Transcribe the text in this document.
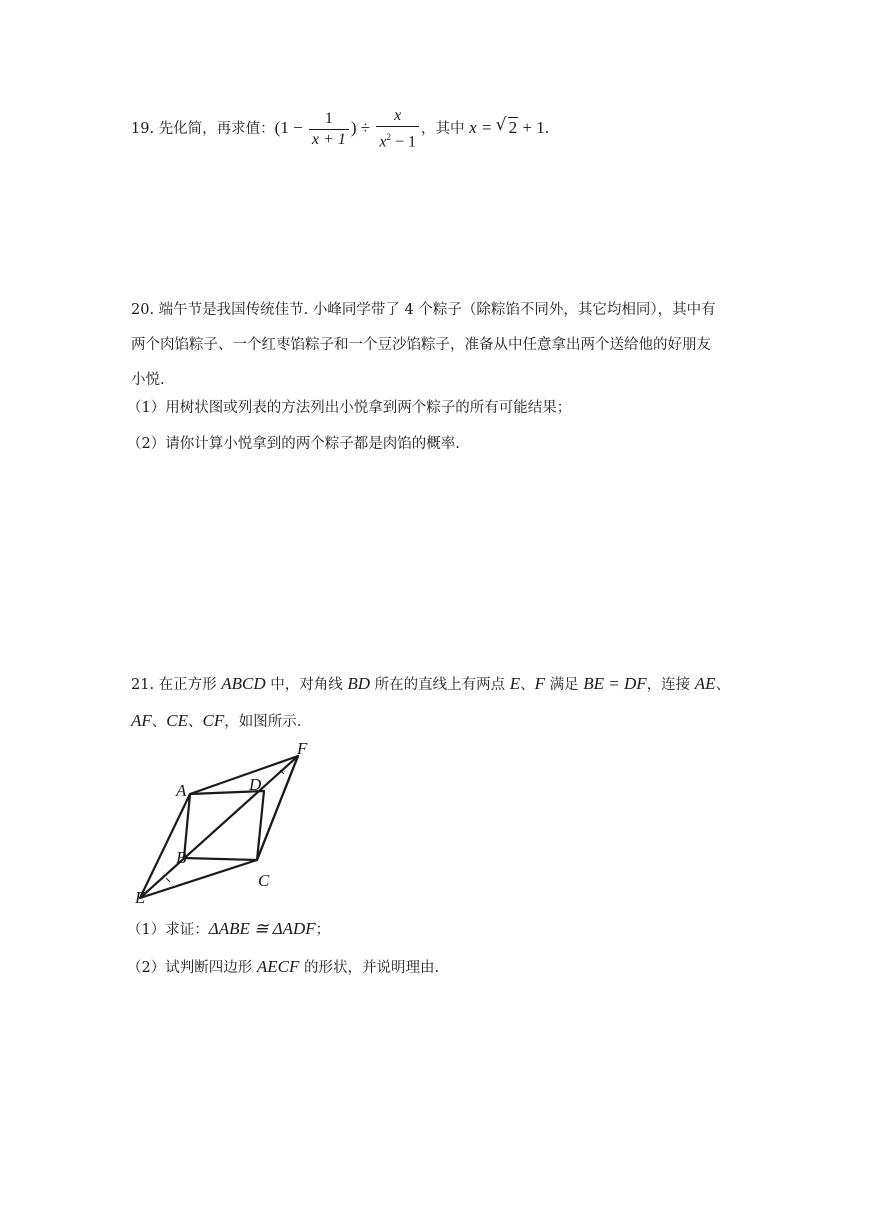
19. 先化简，再求值：($1 - \frac{1}{x + 1}$ ) ÷ $\frac{x}{x^2 - 1}$ ，其中 x = √ 2 + 1.
20. 端午节是我国传统佳节. 小峰同学带了 4 个粽子（除粽馅不同外，其它均相同），其中有
两个肉馅粽子、一个红枣馅粽子和一个豆沙馅粽子，准备从中任意拿出两个送给他的好朋友
小悦.
（1）用树状图或列表的方法列出小悦拿到两个粽子的所有可能结果；
（2）请你计算小悦拿到的两个粽子都是肉馅的概率.
21. 在正方形 ABCD 中，对角线 BD 所在的直线上有两点 E、F 满足 BE = DF，连接 AE、
AF、CE、CF，如图所示.
A	D
F
B
C
E
（1）求证：ΔABE ≅ ΔADF；
（2）试判断四边形 AECF 的形状，并说明理由.
